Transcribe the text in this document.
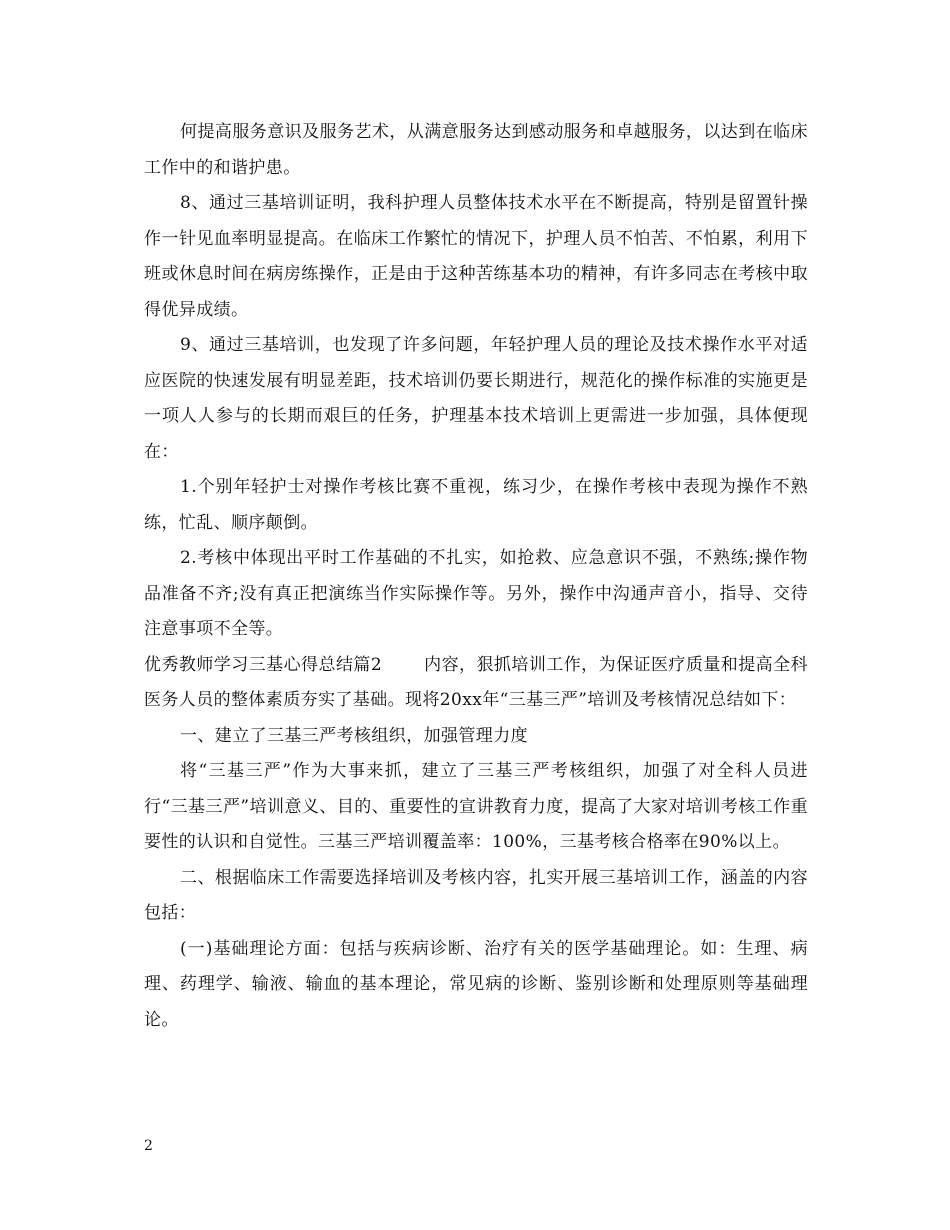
何提高服务意识及服务艺术，从满意服务达到感动服务和卓越服务，以达到在临床工作中的和谐护患。

8、通过三基培训证明，我科护理人员整体技术水平在不断提高，特别是留置针操作一针见血率明显提高。在临床工作繁忙的情况下，护理人员不怕苦、不怕累，利用下班或休息时间在病房练操作，正是由于这种苦练基本功的精神，有许多同志在考核中取得优异成绩。

9、通过三基培训，也发现了许多问题，年轻护理人员的理论及技术操作水平对适应医院的快速发展有明显差距，技术培训仍要长期进行，规范化的操作标准的实施更是一项人人参与的长期而艰巨的任务，护理基本技术培训上更需进一步加强，具体便现在：

1.个别年轻护士对操作考核比赛不重视，练习少，在操作考核中表现为操作不熟练，忙乱、顺序颠倒。

2.考核中体现出平时工作基础的不扎实，如抢救、应急意识不强，不熟练;操作物品准备不齐;没有真正把演练当作实际操作等。另外，操作中沟通声音小，指导、交待注意事项不全等。

优秀教师学习三基心得总结篇2 内容，狠抓培训工作，为保证医疗质量和提高全科医务人员的整体素质夯实了基础。现将20xx年“三基三严”培训及考核情况总结如下：

一、建立了三基三严考核组织，加强管理力度

将“三基三严”作为大事来抓，建立了三基三严考核组织，加强了对全科人员进行“三基三严”培训意义、目的、重要性的宣讲教育力度，提高了大家对培训考核工作重要性的认识和自觉性。三基三严培训覆盖率：100%，三基考核合格率在90%以上。

二、根据临床工作需要选择培训及考核内容，扎实开展三基培训工作，涵盖的内容包括：

(一)基础理论方面：包括与疾病诊断、治疗有关的医学基础理论。如：生理、病理、药理学、输液、输血的基本理论，常见病的诊断、鉴别诊断和处理原则等基础理论。

2
